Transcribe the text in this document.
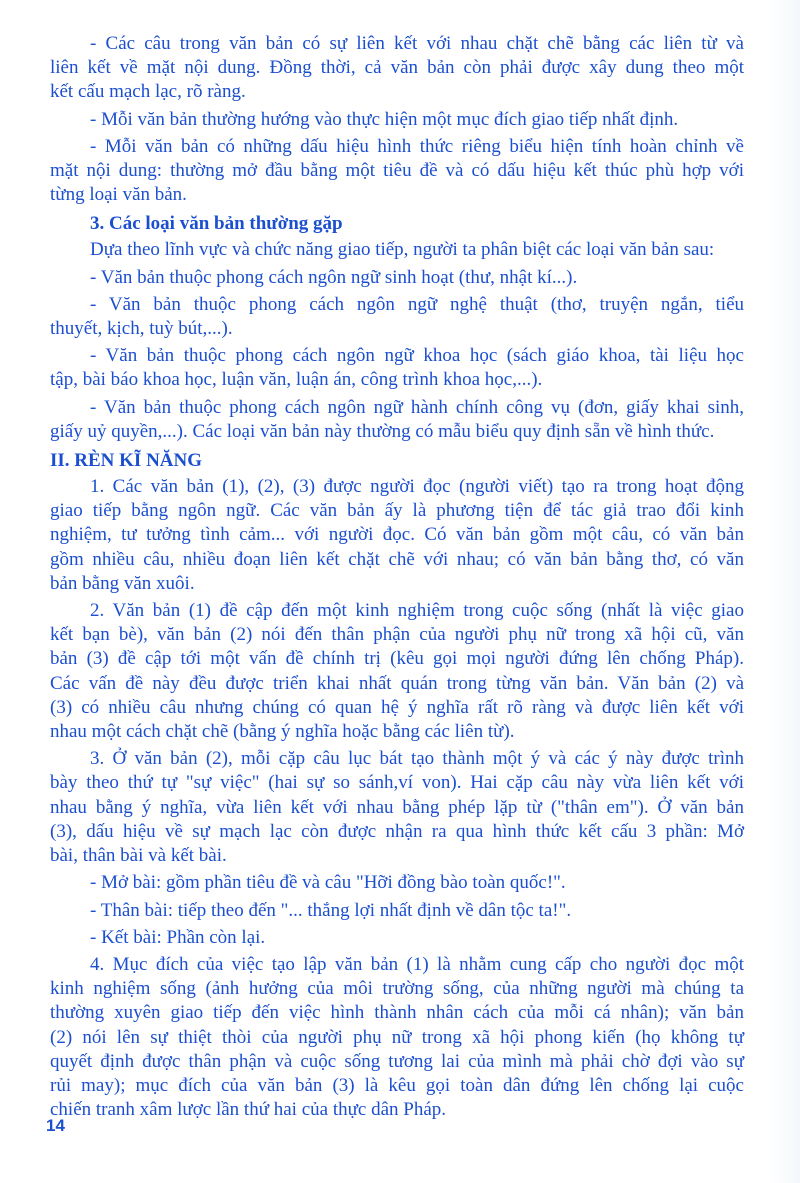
- Các câu trong văn bản có sự liên kết với nhau chặt chẽ bằng các liên từ và
liên kết về mặt nội dung. Đồng thời, cả văn bản còn phải được xây dung theo một
kết cấu mạch lạc, rõ ràng.
- Mỗi văn bản thường hướng vào thực hiện một mục đích giao tiếp nhất định.
- Mỗi văn bản có những dấu hiệu hình thức riêng biểu hiện tính hoàn chỉnh về
mặt nội dung: thường mở đầu bằng một tiêu đề và có dấu hiệu kết thúc phù hợp với
từng loại văn bản.
3. Các loại văn bản thường gặp
Dựa theo lĩnh vực và chức năng giao tiếp, người ta phân biệt các loại văn bản sau:
- Văn bản thuộc phong cách ngôn ngữ sinh hoạt (thư, nhật kí...).
- Văn bản thuộc phong cách ngôn ngữ nghệ thuật (thơ, truyện ngắn, tiểu
thuyết, kịch, tuỳ bút,...).
- Văn bản thuộc phong cách ngôn ngữ khoa học (sách giáo khoa, tài liệu học
tập, bài báo khoa học, luận văn, luận án, công trình khoa học,...).
- Văn bản thuộc phong cách ngôn ngữ hành chính công vụ (đơn, giấy khai sinh,
giấy uỷ quyền,...). Các loại văn bản này thường có mẫu biểu quy định sẵn về hình thức.
II. RÈN KĨ NĂNG
1. Các văn bản (1), (2), (3) được người đọc (người viết) tạo ra trong hoạt động
giao tiếp bằng ngôn ngữ. Các văn bản ấy là phương tiện để tác giả trao đổi kinh
nghiệm, tư tưởng tình cảm... với người đọc. Có văn bản gồm một câu, có văn bản
gồm nhiều câu, nhiều đoạn liên kết chặt chẽ với nhau; có văn bản bằng thơ, có văn
bản bằng văn xuôi.
2. Văn bản (1) đề cập đến một kinh nghiệm trong cuộc sống (nhất là việc giao
kết bạn bè), văn bản (2) nói đến thân phận của người phụ nữ trong xã hội cũ, văn
bản (3) đề cập tới một vấn đề chính trị (kêu gọi mọi người đứng lên chống Pháp).
Các vấn đề này đều được triển khai nhất quán trong từng văn bản. Văn bản (2) và
(3) có nhiều câu nhưng chúng có quan hệ ý nghĩa rất rõ ràng và được liên kết với
nhau một cách chặt chẽ (bằng ý nghĩa hoặc bằng các liên từ).
3. Ở văn bản (2), mỗi cặp câu lục bát tạo thành một ý và các ý này được trình
bày theo thứ tự "sự việc" (hai sự so sánh,ví von). Hai cặp câu này vừa liên kết với
nhau bằng ý nghĩa, vừa liên kết với nhau bằng phép lặp từ ("thân em"). Ở văn bản
(3), dấu hiệu về sự mạch lạc còn được nhận ra qua hình thức kết cấu 3 phần: Mở
bài, thân bài và kết bài.
- Mở bài: gồm phần tiêu đề và câu "Hỡi đồng bào toàn quốc!".
- Thân bài: tiếp theo đến "... thắng lợi nhất định về dân tộc ta!".
- Kết bài: Phần còn lại.
4. Mục đích của việc tạo lập văn bản (1) là nhằm cung cấp cho người đọc một
kinh nghiệm sống (ảnh hưởng của môi trường sống, của những người mà chúng ta
thường xuyên giao tiếp đến việc hình thành nhân cách của mỗi cá nhân); văn bản
(2) nói lên sự thiệt thòi của người phụ nữ trong xã hội phong kiến (họ không tự
quyết định được thân phận và cuộc sống tương lai của mình mà phải chờ đợi vào sự
rủi may); mục đích của văn bản (3) là kêu gọi toàn dân đứng lên chống lại cuộc
chiến tranh xâm lược lần thứ hai của thực dân Pháp.
14
